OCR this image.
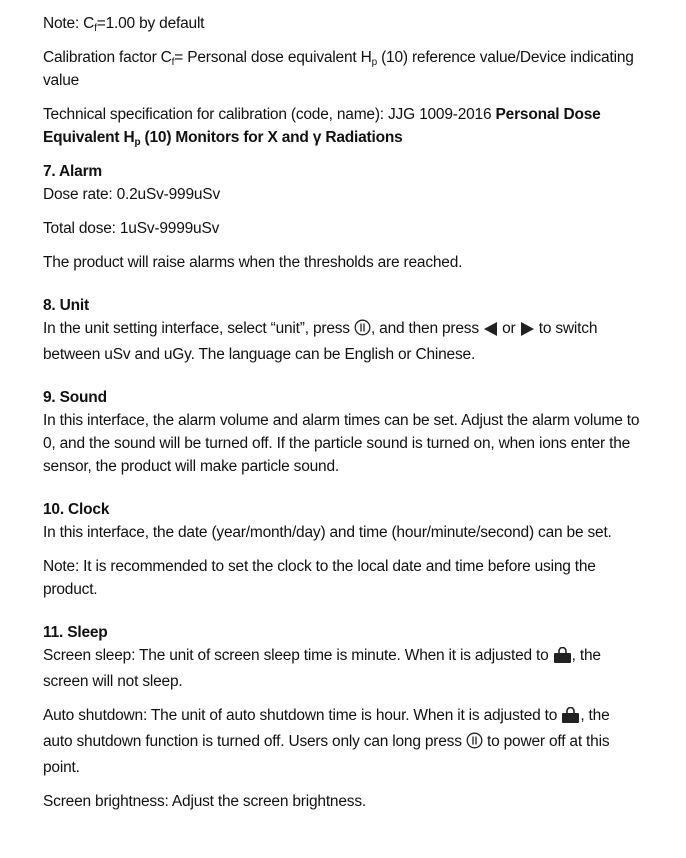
Note: $C_f=1.00$ by default

Calibration factor $C_f=$ Personal dose equivalent $H_p$ (10) reference value/Device indicating value

Technical specification for calibration (code, name): JJG 1009-2016 Personal Dose Equivalent $H_p$ (10) Monitors for X and γ Radiations

7. Alarm

Dose rate: 0.2uSv-999uSv

Total dose: 1uSv-9999uSv

The product will raise alarms when the thresholds are reached.

8. Unit

In the unit setting interface, select “unit”, press , and then press  or  to switch between uSv and uGy. The language can be English or Chinese.

9. Sound

In this interface, the alarm volume and alarm times can be set. Adjust the alarm volume to 0, and the sound will be turned off. If the particle sound is turned on, when ions enter the sensor, the product will make particle sound.

10. Clock

In this interface, the date (year/month/day) and time (hour/minute/second) can be set.

Note: It is recommended to set the clock to the local date and time before using the product.

11. Sleep

Screen sleep: The unit of screen sleep time is minute. When it is adjusted to , the screen will not sleep.

Auto shutdown: The unit of auto shutdown time is hour. When it is adjusted to , the auto shutdown function is turned off. Users only can long press  to power off at this point.

Screen brightness: Adjust the screen brightness.
